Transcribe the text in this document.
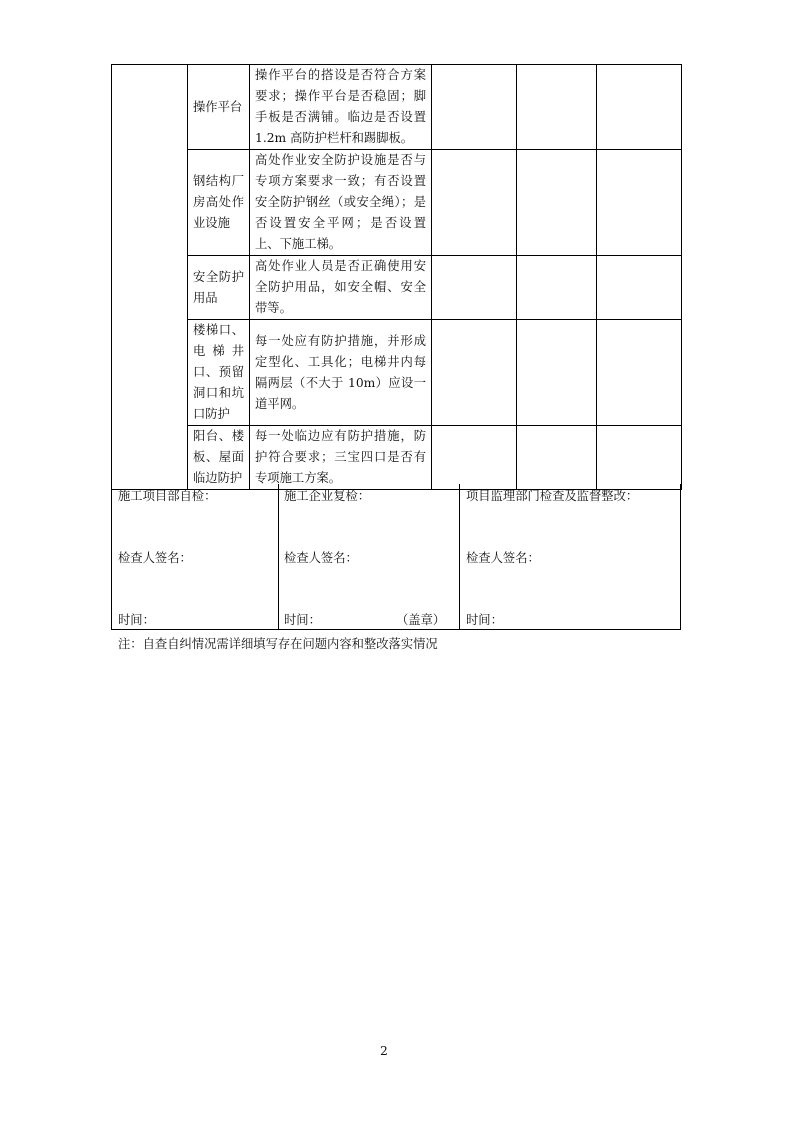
	操作平台	操作平台的搭设是否符合方案要求；操作平台是否稳固；脚手板是否满铺。临边是否设置 1.2m 高防护栏杆和踢脚板。			
	钢结构厂房高处作业设施	高处作业安全防护设施是否与专项方案要求一致；有否设置安全防护钢丝（或安全绳）；是否设置安全平网；是否设置上、下施工梯。			
	安全防护用品	高处作业人员是否正确使用安全防护用品，如安全帽、安全带等。			
	楼梯口、电梯井口、预留洞口和坑口防护	每一处应有防护措施，并形成定型化、工具化；电梯井内每隔两层（不大于 10m）应设一道平网。			
	阳台、楼板、屋面临边防护	每一处临边应有防护措施，防护符合要求；三宝四口是否有专项施工方案。			
施工项目部自检：
检查人签名：
时间：
施工企业复检：
检查人签名：
时间：	（盖章）
项目监理部门检查及监督整改：
检查人签名：
时间：
注：自查自纠情况需详细填写存在问题内容和整改落实情况
2
